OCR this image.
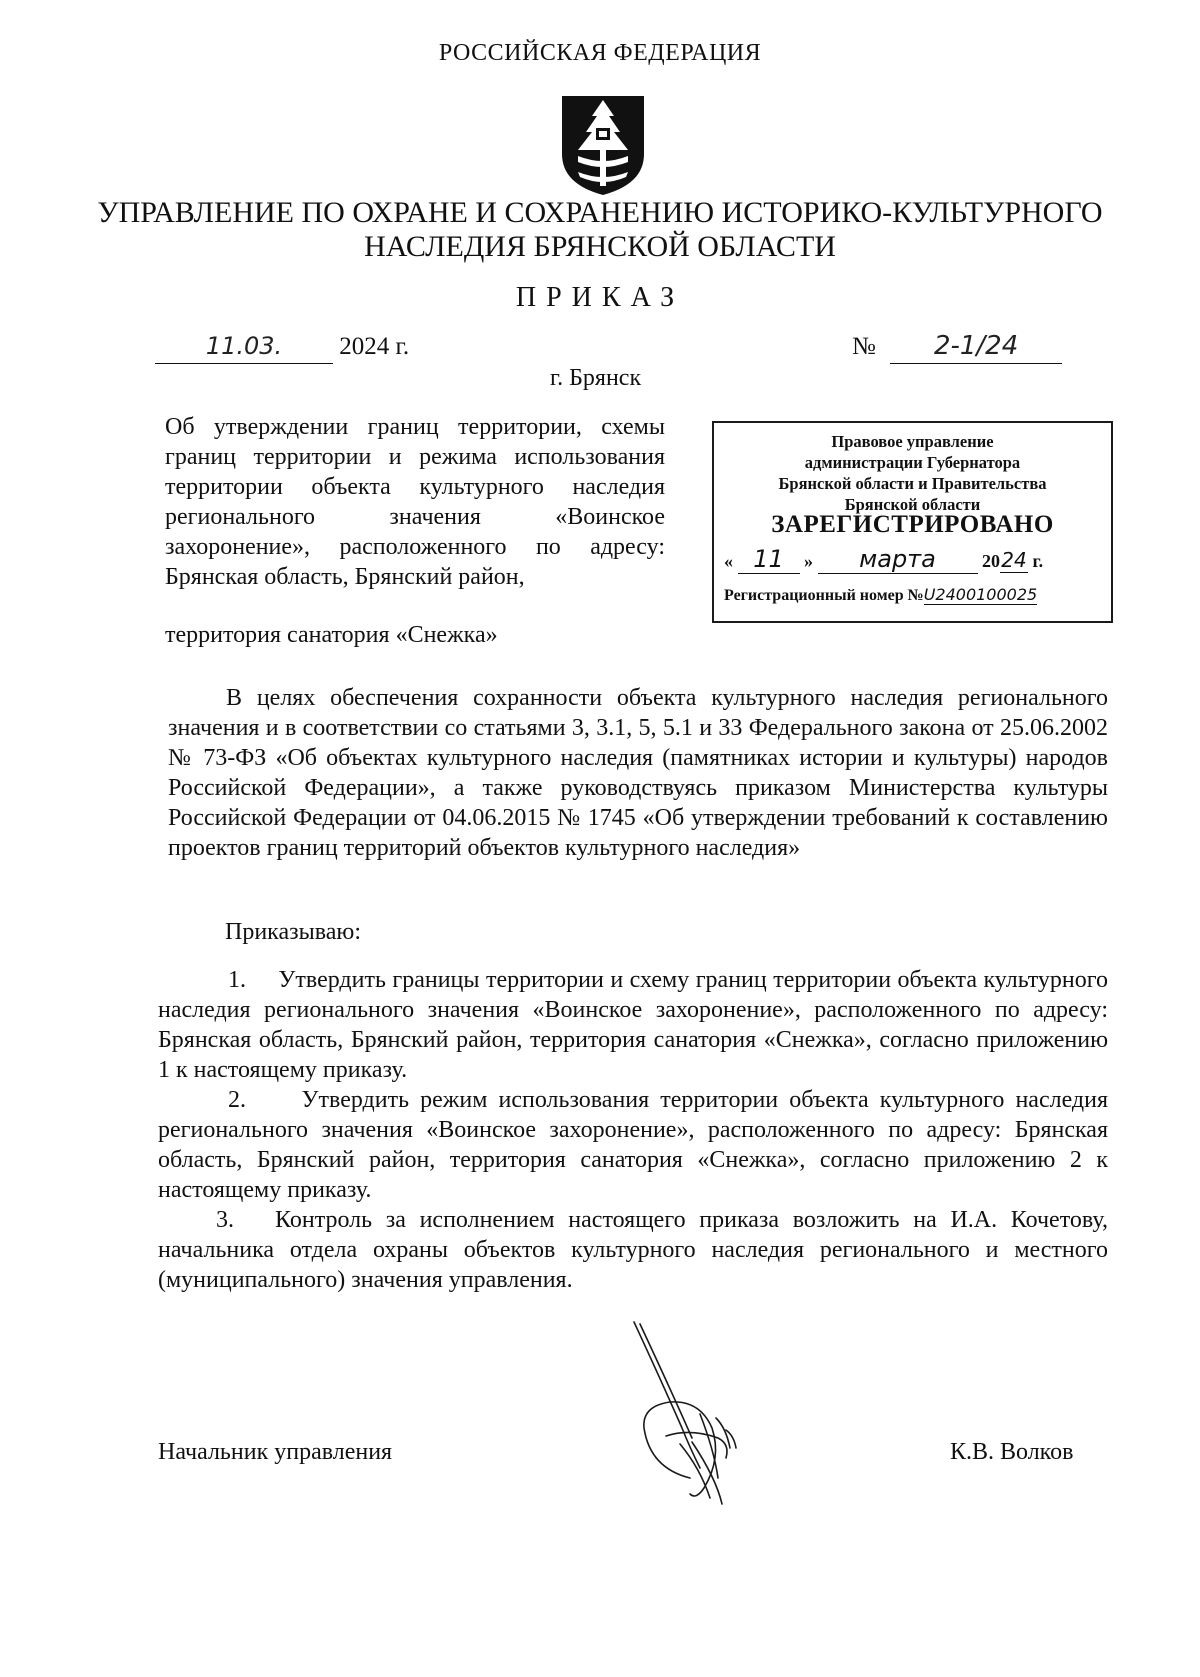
РОССИЙСКАЯ ФЕДЕРАЦИЯ
УПРАВЛЕНИЕ ПО ОХРАНЕ И СОХРАНЕНИЮ ИСТОРИКО-КУЛЬТУРНОГО
НАСЛЕДИЯ БРЯНСКОЙ ОБЛАСТИ
ПРИКАЗ
11.03. 2024 г.	№ 2-1/24
г. Брянск
Об утверждении границ территории, схемы границ территории и режима использования территории объекта культурного наследия регионального значения «Воинское захоронение», расположенного по адресу: Брянская область, Брянский район,
территория санатория «Снежка»
Правовое управление
администрации Губернатора
Брянской области и Правительства
Брянской области
ЗАРЕГИСТРИРОВАНО
« 11 » марта	2024 г.
Регистрационный номер №U2400100025

В целях обеспечения сохранности объекта культурного наследия регионального значения и в соответствии со статьями 3, 3.1, 5, 5.1 и 33 Федерального закона от 25.06.2002 № 73-ФЗ «Об объектах культурного наследия (памятниках истории и культуры) народов Российской Федерации», а также руководствуясь приказом Министерства культуры Российской Федерации от 04.06.2015 № 1745 «Об утверждении требований к составлению проектов границ территорий объектов культурного наследия»

Приказываю:

1.     Утвердить границы территории и схему границ территории объекта культурного наследия регионального значения «Воинское захоронение», расположенного по адресу: Брянская область, Брянский район, территория санатория «Снежка», согласно приложению 1 к настоящему приказу.

2.     Утвердить режим использования территории объекта культурного наследия регионального значения «Воинское захоронение», расположенного по адресу: Брянская область, Брянский район, территория санатория «Снежка», согласно приложению 2 к настоящему приказу.

3.   Контроль за исполнением настоящего приказа возложить на И.А. Кочетову, начальника отдела охраны объектов культурного наследия регионального и местного (муниципального) значения управления.

Начальник управления	К.В. Волков
